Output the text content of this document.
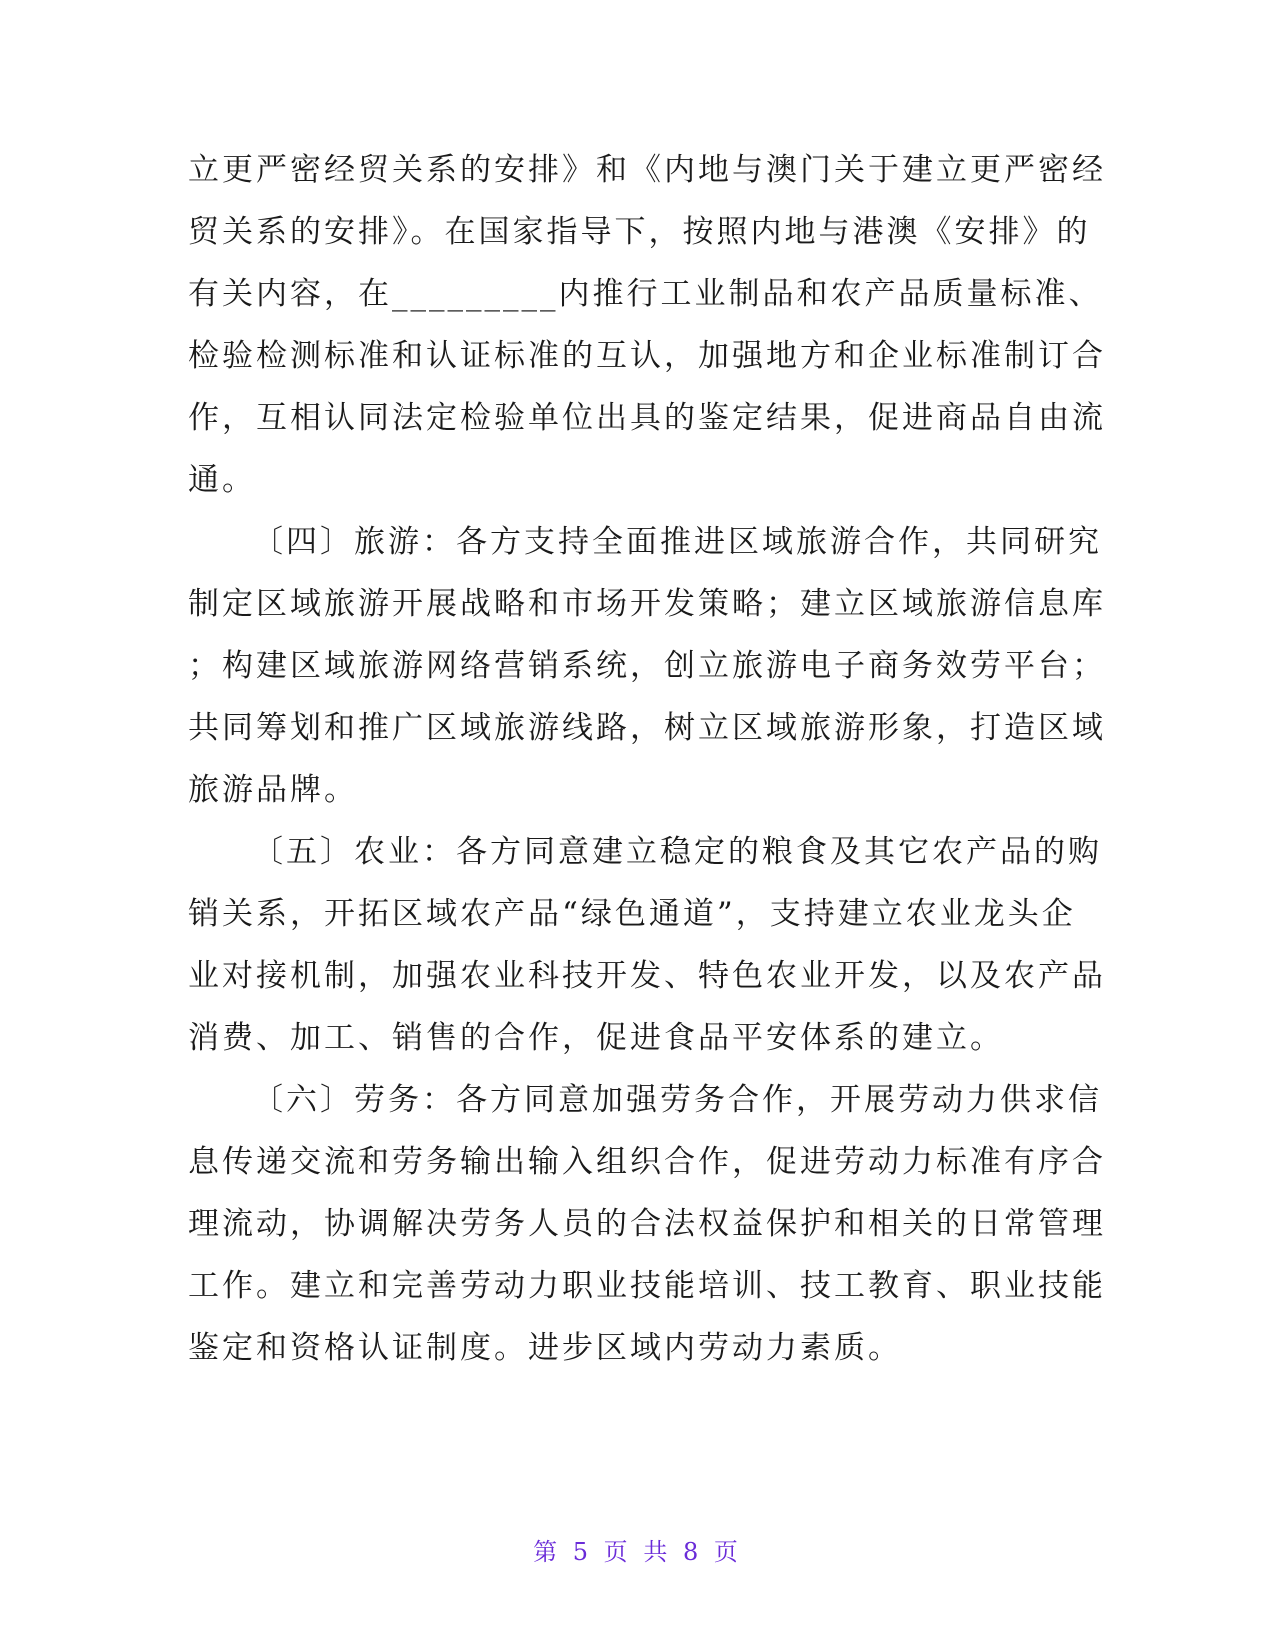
立更严密经贸关系的安排》和《内地与澳门关于建立更严密经
贸关系的安排》。在国家指导下，按照内地与港澳《安排》的
有关内容，在_________内推行工业制品和农产品质量标准、
检验检测标准和认证标准的互认，加强地方和企业标准制订合
作，互相认同法定检验单位出具的鉴定结果，促进商品自由流
通。
〔四〕旅游：各方支持全面推进区域旅游合作，共同研究
制定区域旅游开展战略和市场开发策略；建立区域旅游信息库
；构建区域旅游网络营销系统，创立旅游电子商务效劳平台；
共同筹划和推广区域旅游线路，树立区域旅游形象，打造区域
旅游品牌。
〔五〕农业：各方同意建立稳定的粮食及其它农产品的购
销关系，开拓区域农产品“绿色通道”，支持建立农业龙头企
业对接机制，加强农业科技开发、特色农业开发，以及农产品
消费、加工、销售的合作，促进食品平安体系的建立。
〔六〕劳务：各方同意加强劳务合作，开展劳动力供求信
息传递交流和劳务输出输入组织合作，促进劳动力标准有序合
理流动，协调解决劳务人员的合法权益保护和相关的日常管理
工作。建立和完善劳动力职业技能培训、技工教育、职业技能
鉴定和资格认证制度。进步区域内劳动力素质。
第 5 页 共 8 页
